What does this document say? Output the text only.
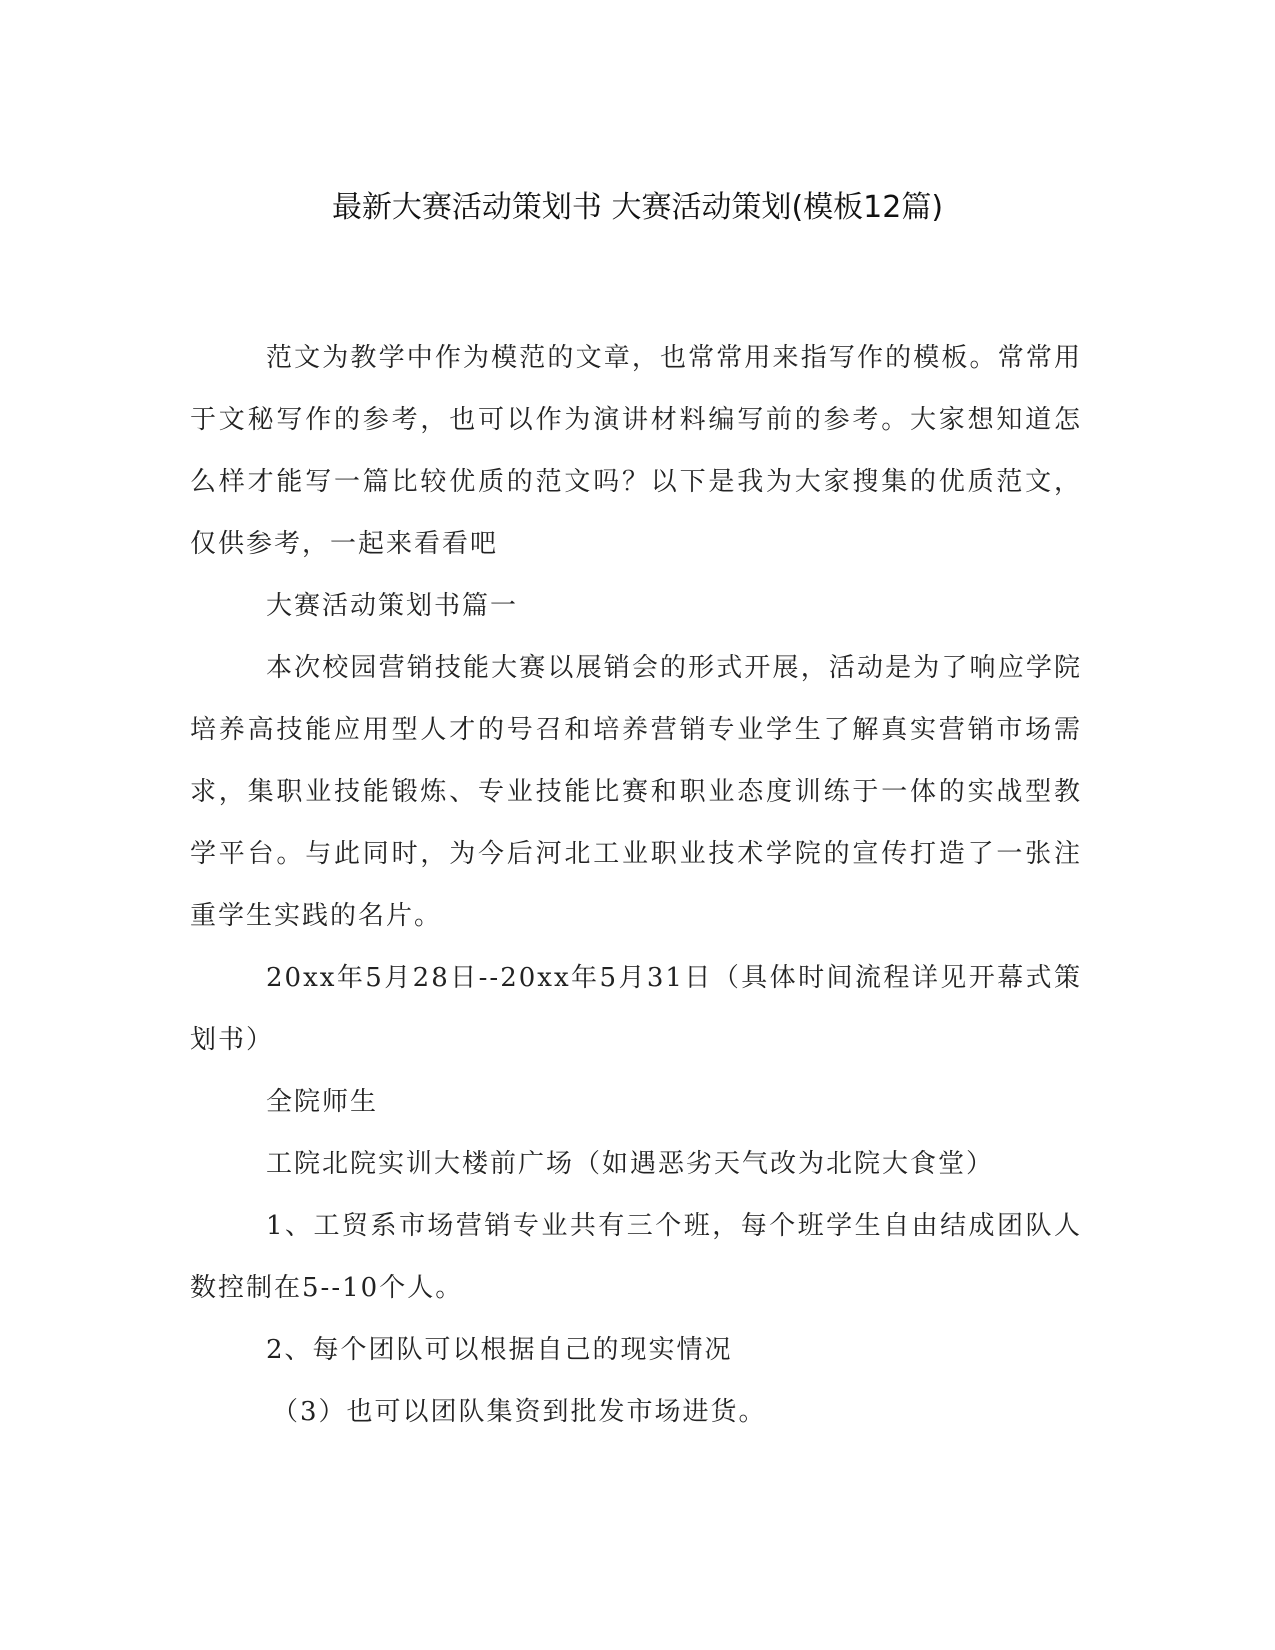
最新大赛活动策划书 大赛活动策划(模板12篇)

范文为教学中作为模范的文章，也常常用来指写作的模板。常常用于文秘写作的参考，也可以作为演讲材料编写前的参考。大家想知道怎么样才能写一篇比较优质的范文吗？以下是我为大家搜集的优质范文，仅供参考，一起来看看吧

大赛活动策划书篇一

本次校园营销技能大赛以展销会的形式开展，活动是为了响应学院培养高技能应用型人才的号召和培养营销专业学生了解真实营销市场需求，集职业技能锻炼、专业技能比赛和职业态度训练于一体的实战型教学平台。与此同时，为今后河北工业职业技术学院的宣传打造了一张注重学生实践的名片。

20xx年5月28日--20xx年5月31日（具体时间流程详见开幕式策划书）

全院师生

工院北院实训大楼前广场（如遇恶劣天气改为北院大食堂）

1、工贸系市场营销专业共有三个班，每个班学生自由结成团队人数控制在5--10个人。

2、每个团队可以根据自己的现实情况

（3）也可以团队集资到批发市场进货。
